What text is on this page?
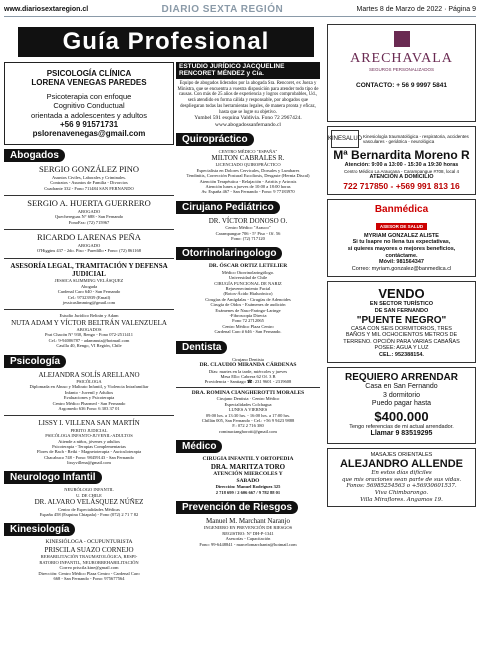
www.diariosextaregion.cl	DIARIO SEXTA REGIÓN	Martes 8 de Marzo de 2022 · Página 9
Guía Profesional
PSICOLOGÍA CLÍNICA
LORENA VENEGAS PAREDES
Psicoterapia con enfoque
Cognitivo Conductual
orientada a adolescentes y adultos
+56 9 91571731
pslorenavenegas@gmail.com
Abogados
SERGIO GONZÁLEZ PINO
Asuntos Civiles, Laborales y Criminales.
Contratos - Asuntos de Familia - Divorcios
Cuadrante 332 - Fono 711484 SAN FERNANDO
SERGIO A. HUERTA GUERRERO
ABOGADO
Quechereguas N° 688 - San Fernando
FonoFax: (72) 715967
RICARDO LARENAS PEÑA
ABOGADO
O'Higgins 437 - 2do. Piso - Paredillo • Fono: (72) 861168
ASESORÍA LEGAL, TRAMITACIÓN Y DEFENSA JUDICIAL
JESSICA SLIMMING VELÁSQUEZ
Abogada
Cardenal Caro 640 - San Fernando
Cel.: 97323939 (Email)
jessicaslimming@gmail.com
Estudio Jurídico Beltrán y Adam
NUTA ADAM Y VÍCTOR BELTRÁN VALENZUELA
ABOGADOS
Prat Chacón N° 930, Rengo - Fono 072-2511411
Cel.: 9-94006787 - adammuta@hotmail.com
Casilla 40, Rengo, VI Región, Chile
Psicología
ALEJANDRA SOLÍS ARELLANO
PSICÓLOGA
Diplomada en Abuso y Maltrato Infantil, y Violencia Intrafamiliar
Infanto - Juvenil y Adultos
Evaluaciones y Psicoterapia
Centro Médico Pharmed - San Fernando
Argomedo 636 Fono: 6 303 37 01
LISSY I. VILLENA SAN MARTÍN
PERITO JUDICIAL
PSICÓLOGA INFANTO-JUVENIL-ADULTOS
Atiende a niños, jóvenes y adultos
Psicoterapia - Terapias Complementarias
Flores de Bach - Reiki - Magnetoterapia - Auriculoterapia
Chacabuco 748 - Fono: 98459143 - San Fernando
lissyvillena@gmail.com
Neurologo Infantil
NEURÓLOGO INFANTIL
U. DE CHILE
DR. ALVARO VELÁSQUEZ NÚÑEZ
Centro de Especialidades Médicas
España 458 (Esquina Chiapala) - Fono (072) 2 71 7 82
Kinesiología
KINESIÓLOGA - OCUPUNTURISTA
PRISCILA SUAZO CORNEJO
REHABILITACIÓN TRAUMATOLÓGICA, RESPI-
RATORIO INFANTIL, NEURORREHABILITACIÓN
Correo priscila.kine@gmail.com
Dirección: Centro Médico Plaza Centro - Cardenal Caro
668 - San Fernando - Fono: 975677564
ESTUDIO JURÍDICO JACQUELINE
RENCORET MÉNDEZ y Cía.
Equipo de abogados liderados por la abogada Sra. Rencoret, ex Jueza y Ministra, que se encuentra a vuestra disposición para atender todo tipo de causas. Con más de 25 años de experiencia y logros comprobables, Ud., será atendido en forma cálida y responsable, por abogados que despliegaran todas las herramientas legales, de manera pronta y eficaz, hasta que se logre su objetivo.
Yumbel 591 esquina Valdivia. Fono 72 2967424.
www.abogadossanfernando.cl
Quiropráctico
CENTRO MÉDICO "ESPAÑA"
MILTON CABRALES R.
LICENCIADO QUIROPRÁCTICO
Especialista en Dolores Cervicales, Dorsales y Lumbares
Tendinitis, Corrección Postural Escoliosis, Desgaste (Hernia Discal)
Atención Terapéutica - Relajación - Artritis y Artrosis
Atención lunes a jueves de 10:00 a 18:00 horas
Av. España 467 - San Fernando - Fono: 9 77183970
Cirujano Pediátrico
DR. VÍCTOR DONOSO O.
Centro Médico "Arauco"
Carampangue 706 - 5° Piso - Of. 56
Fono: (72) 717120
Otorrinolaringologo
DR. ÓSCAR ORTIZ LETELIER
Médico Otorrinolaringólogo.
Universidad de Chile
CIRUGÍA FUNCIONAL DE NARIZ
Rejuvenecimiento Facial
(Botox-Ácido Hialurónico)
Cirugías de Amígdalas - Cirugías de Adenoides
Cirugía de Oídos - Exámenes de audición
Exámenes de Naso-Faringo-Laringe
-Fibroscopía Directa
Fono 72 2712065
Centro Médico Plaza Centro
Cardenal Caro # 646 - San Fernando.
Dentista
Cirujano Dentista
DR. CLAUDIO MIRANDA CÁRDENAS
Días: martes en la tarde, miércoles y jueves
Mesa Ello: Cabrera 62 Of. 3 B
Providencia - Santiago ☎: 231 9601 - 2319608
DRA. ROMINA CIANGHEROTTI MORALES
Cirujano Dentista · Centro Médico
Especialidades Colchagua
LUNES A VIERNES
09:00 hrs. a 13:30 hrs. - 16:00 hrs. a 17:00 hrs.
Chillán 005, San Fernando - Cel.: +56 9 9423 9888
F.: 072 2 716 380
rominacianghorotti@gmail.com
Médico
CIRUGIA INFANTIL Y ORTOPEDIA
DRA. MARITZA TORO
ATENCIÓN MIERCOLES Y SABADO
Dirección: Manuel Rodríguez 325
2 718 699 / 2 606 667 / 9 782 88 01
Prevención de Riesgos
Manuel M. Marchant Naranjo
INGENIERO EN PREVENCIÓN DE RIESGOS
REGISTRO: N° DH-P-1341
Asesorías - Capacitación
Fono: 99-6448841 - marcelomarchantn@hotmail.com
ARECHAVALA
SEGUROS PERSONALIZADOS
CONTACTO: + 56 9 9997 5841
KINESALUD Kinesiología traumatológica - respiratoria, accidentes vasculares - geriátrica - neurológica
Mª Bernardita Moreno R
Atención: 9:00 a 13:00 - 15:30 a 19:30 horas
Centro Médico La Araucana - Carampangue #708, local 4
ATENCIÓN A DOMICILIO
722 717850 - +569 991 813 16
Banmédica
ASESOR DE SALUD
MYRIAM GONZALEZ ALISTE
Si tu Isapre no llena tus expectativas,
si quieres mayores o mejores beneficios,
contáctame.
Móvil: 981564347
Correo: myriam.gonzalez@banmedica.cl
VENDO
EN SECTOR TURÍSTICO
DE SAN FERNANDO
"PUENTE NEGRO"
CASA CON SEIS DORMITORIOS, TRES
BAÑOS Y MIL OCHOCIENTOS METROS DE
TERRENO. OPCIÓN PARA VARIAS CABAÑAS
POSEE: AGUA Y LUZ
CEL.: 952388154.
REQUIERO ARRENDAR
Casa en San Fernando
3 dormitorio
Puedo pagar hasta
$400.000
Tengo referencias de mi actual arrendador.
Llamar 9 83519295
MASAJES ORIENTALES
ALEJANDRO ALLENDE
En estos días difíciles
que mis oraciones sean parte de sus vidas.
Fonos: 56985254563 o +56930601537.
Viva Chimbarongo.
Villa Miraflores. Angamos 19.
